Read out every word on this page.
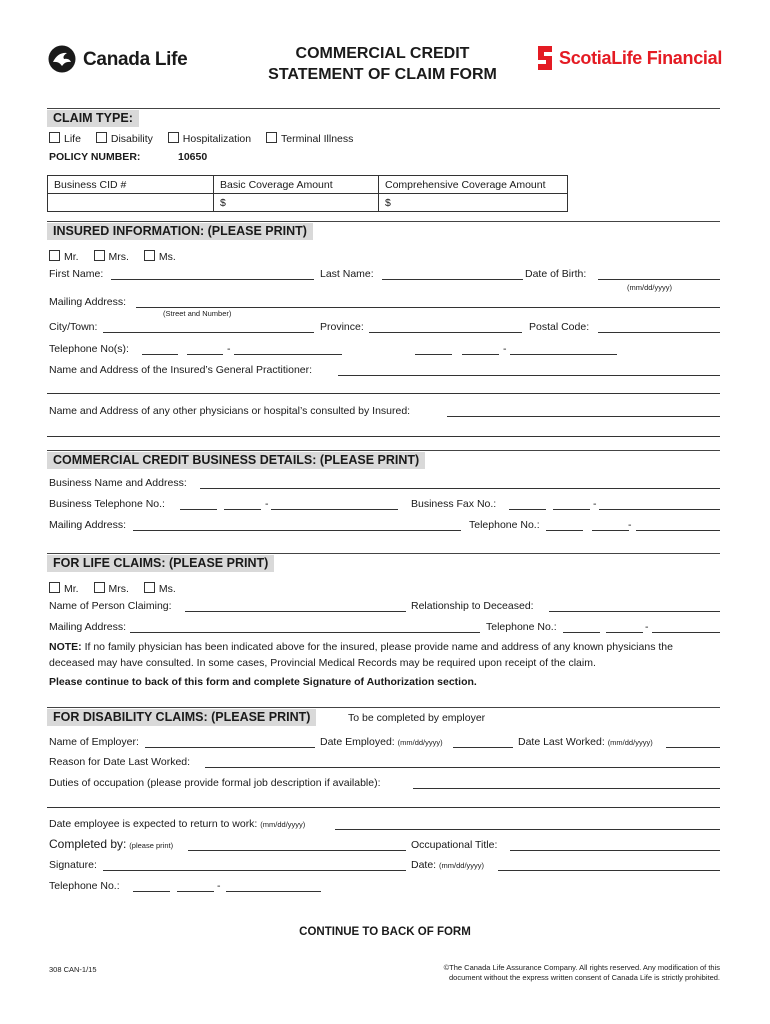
Canada Life	COMMERCIAL CREDIT
STATEMENT OF CLAIM FORM
ScotiaLife Financial
CLAIM TYPE:
Life	Disability	Hospitalization	Terminal Illness
POLICY NUMBER:	10650
Business CID #	Basic Coverage Amount	Comprehensive Coverage Amount
	$	$
INSURED INFORMATION: (PLEASE PRINT)
Mr.	Mrs.	Ms.
First Name:	Last Name:	Date of Birth:
(mm/dd/yyyy)
Mailing Address:
(Street and Number)
City/Town:	Province:	Postal Code:
Telephone No(s):	-	-
Name and Address of the Insured’s General Practitioner:
Name and Address of any other physicians or hospital’s consulted by Insured:
COMMERCIAL CREDIT BUSINESS DETAILS: (PLEASE PRINT)
Business Name and Address:
Business Telephone No.:	-	Business Fax No.:	-
Mailing Address:	Telephone No.:	-
FOR LIFE CLAIMS: (PLEASE PRINT)
Mr.	Mrs.	Ms.
Name of Person Claiming:	Relationship to Deceased:
Mailing Address:	Telephone No.:	-
NOTE: If no family physician has been indicated above for the insured, please provide name and address of any known physicians the
deceased may have consulted. In some cases, Provincial Medical Records may be required upon receipt of the claim.
Please continue to back of this form and complete Signature of Authorization section.
FOR DISABILITY CLAIMS: (PLEASE PRINT)	To be completed by employer
Name of Employer:	Date Employed: (mm/dd/yyyy)	Date Last Worked: (mm/dd/yyyy)
Reason for Date Last Worked:
Duties of occupation (please provide formal job description if available):
Date employee is expected to return to work: (mm/dd/yyyy)
Completed by: (please print)	Occupational Title:
Signature:	Date: (mm/dd/yyyy)
Telephone No.:	-
CONTINUE TO BACK OF FORM
308 CAN-1/15	©The Canada Life Assurance Company. All rights reserved. Any modification of this
document without the express written consent of Canada Life is strictly prohibited.
